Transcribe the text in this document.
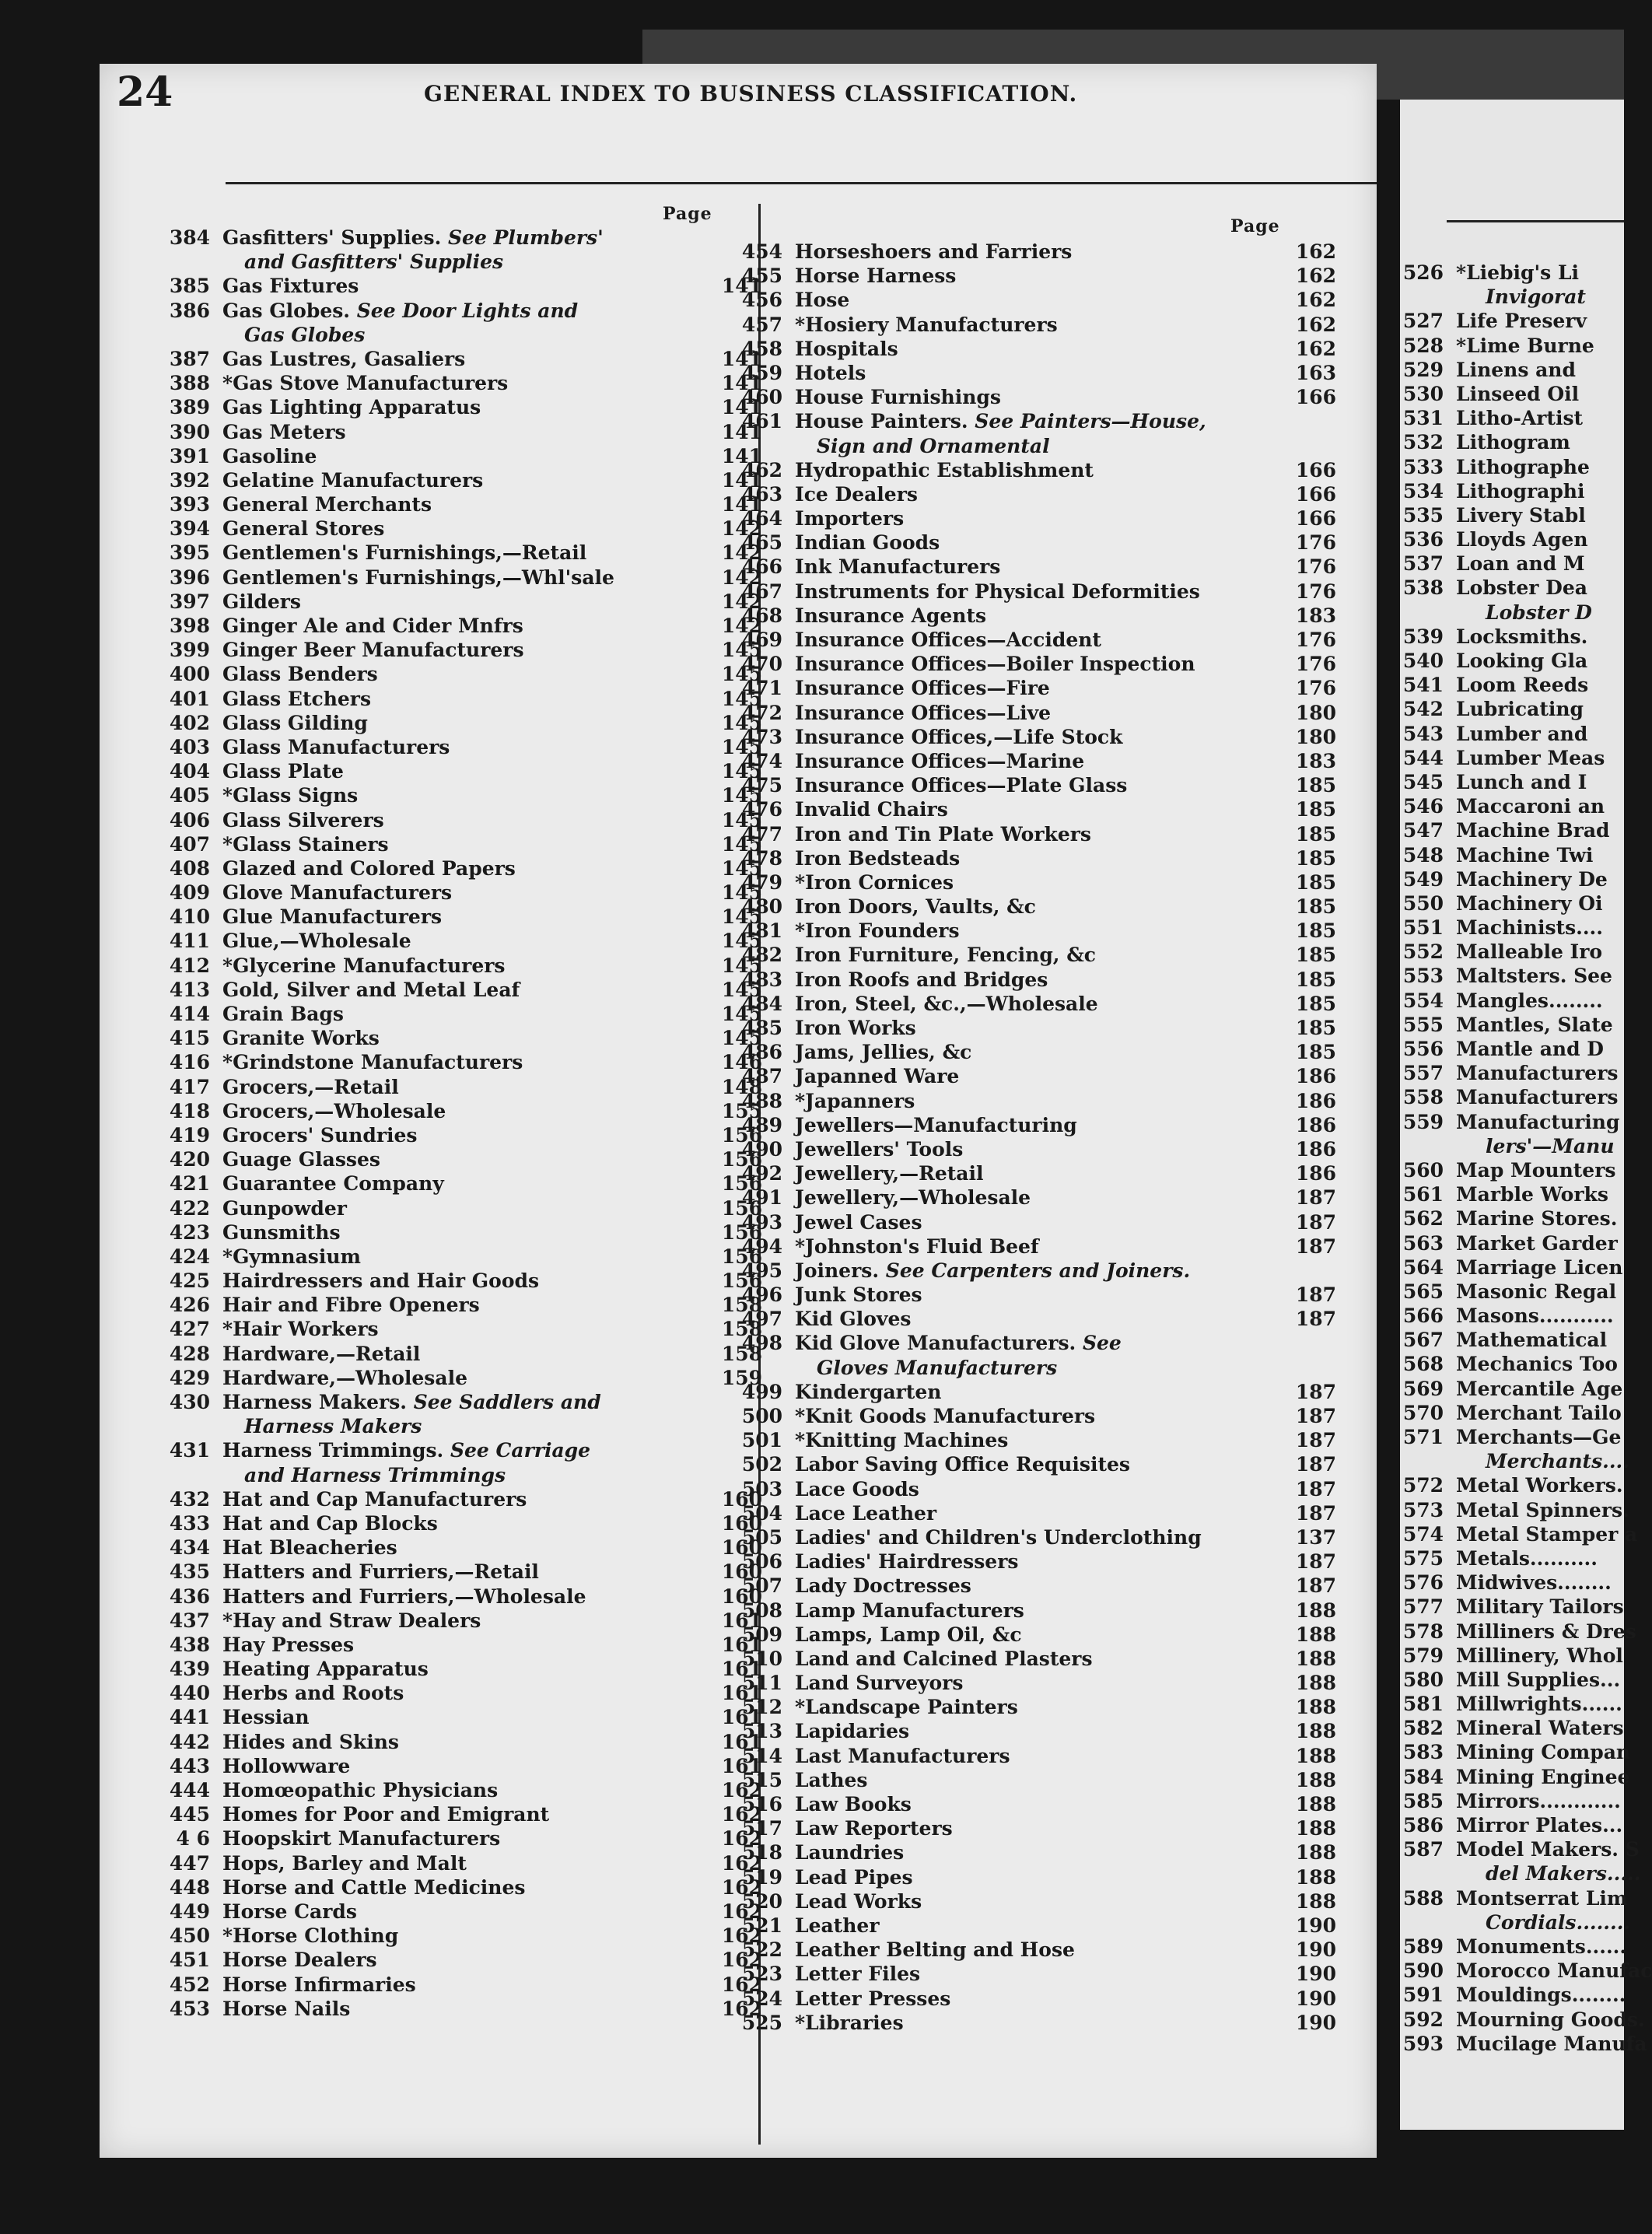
24	GENERAL INDEX TO BUSINESS CLASSIFICATION.
Page
Page
384 Gasfitters' Supplies. See Plumbers'
and Gasfitters' Supplies
385 Gas Fixtures	141
386 Gas Globes. See Door Lights and
Gas Globes
387 Gas Lustres, Gasaliers	141
388 *Gas Stove Manufacturers	141
389 Gas Lighting Apparatus	141
390 Gas Meters	141
391 Gasoline	141
392 Gelatine Manufacturers	141
393 General Merchants	141
394 General Stores	142
395 Gentlemen's Furnishings,—Retail	142
396 Gentlemen's Furnishings,—Whl'sale	142
397 Gilders	142
398 Ginger Ale and Cider Mnfrs	142
399 Ginger Beer Manufacturers	145
400 Glass Benders	145
401 Glass Etchers	145
402 Glass Gilding	145
403 Glass Manufacturers	145
404 Glass Plate	145
405 *Glass Signs	145
406 Glass Silverers	145
407 *Glass Stainers	145
408 Glazed and Colored Papers	145
409 Glove Manufacturers	145
410 Glue Manufacturers	145
411 Glue,—Wholesale	145
412 *Glycerine Manufacturers	145
413 Gold, Silver and Metal Leaf	145
414 Grain Bags	145
415 Granite Works	145
416 *Grindstone Manufacturers	146
417 Grocers,—Retail	148
418 Grocers,—Wholesale	155
419 Grocers' Sundries	156
420 Guage Glasses	156
421 Guarantee Company	156
422 Gunpowder	156
423 Gunsmiths	156
424 *Gymnasium	156
425 Hairdressers and Hair Goods	156
426 Hair and Fibre Openers	158
427 *Hair Workers	158
428 Hardware,—Retail	158
429 Hardware,—Wholesale	159
430 Harness Makers. See Saddlers and
Harness Makers
431 Harness Trimmings. See Carriage
and Harness Trimmings
432 Hat and Cap Manufacturers	160
433 Hat and Cap Blocks	160
434 Hat Bleacheries	160
435 Hatters and Furriers,—Retail	160
436 Hatters and Furriers,—Wholesale	160
437 *Hay and Straw Dealers	161
438 Hay Presses	161
439 Heating Apparatus	161
440 Herbs and Roots	161
441 Hessian	161
442 Hides and Skins	161
443 Hollowware	161
444 Homœopathic Physicians	162
445 Homes for Poor and Emigrant	162
4 6 Hoopskirt Manufacturers	162
447 Hops, Barley and Malt	162
448 Horse and Cattle Medicines	162
449 Horse Cards	162
450 *Horse Clothing	162
451 Horse Dealers	162
452 Horse Infirmaries	162
453 Horse Nails	162
454 Horseshoers and Farriers	162
455 Horse Harness	162
456 Hose	162
457 *Hosiery Manufacturers	162
458 Hospitals	162
459 Hotels	163
460 House Furnishings	166
461 House Painters. See Painters—House,
Sign and Ornamental
462 Hydropathic Establishment	166
463 Ice Dealers	166
464 Importers	166
465 Indian Goods	176
466 Ink Manufacturers	176
467 Instruments for Physical Deformities	176
468 Insurance Agents	183
469 Insurance Offices—Accident	176
470 Insurance Offices—Boiler Inspection	176
471 Insurance Offices—Fire	176
472 Insurance Offices—Live	180
473 Insurance Offices,—Life Stock	180
474 Insurance Offices—Marine	183
475 Insurance Offices—Plate Glass	185
476 Invalid Chairs	185
477 Iron and Tin Plate Workers	185
478 Iron Bedsteads	185
479 *Iron Cornices	185
480 Iron Doors, Vaults, &c	185
481 *Iron Founders	185
482 Iron Furniture, Fencing, &c	185
483 Iron Roofs and Bridges	185
484 Iron, Steel, &c.,—Wholesale	185
485 Iron Works	185
486 Jams, Jellies, &c	185
487 Japanned Ware	186
488 *Japanners	186
489 Jewellers—Manufacturing	186
490 Jewellers' Tools	186
492 Jewellery,—Retail	186
491 Jewellery,—Wholesale	187
493 Jewel Cases	187
494 *Johnston's Fluid Beef	187
495 Joiners. See Carpenters and Joiners.
496 Junk Stores	187
497 Kid Gloves	187
498 Kid Glove Manufacturers. See
Gloves Manufacturers
499 Kindergarten	187
500 *Knit Goods Manufacturers	187
501 *Knitting Machines	187
502 Labor Saving Office Requisites	187
503 Lace Goods	187
504 Lace Leather	187
505 Ladies' and Children's Underclothing	137
506 Ladies' Hairdressers	187
507 Lady Doctresses	187
508 Lamp Manufacturers	188
509 Lamps, Lamp Oil, &c	188
510 Land and Calcined Plasters	188
511 Land Surveyors	188
512 *Landscape Painters	188
513 Lapidaries	188
514 Last Manufacturers	188
515 Lathes	188
516 Law Books	188
517 Law Reporters	188
518 Laundries	188
519 Lead Pipes	188
520 Lead Works	188
521 Leather	190
522 Leather Belting and Hose	190
523 Letter Files	190
524 Letter Presses	190
525 *Libraries	190
526 *Liebig's Li
Invigorat
527 Life Preserv
528 *Lime Burne
529 Linens and
530 Linseed Oil
531 Litho-Artist
532 Lithogram
533 Lithographe
534 Lithographi
535 Livery Stabl
536 Lloyds Agen
537 Loan and M
538 Lobster Dea
Lobster D
539 Locksmiths.
540 Looking Gla
541 Loom Reeds
542 Lubricating
543 Lumber and
544 Lumber Meas
545 Lunch and I
546 Maccaroni an
547 Machine Brad
548 Machine Twi
549 Machinery De
550 Machinery Oi
551 Machinists....
552 Malleable Iro
553 Maltsters. See
554 Mangles........
555 Mantles, Slate
556 Mantle and D
557 Manufacturers
558 Manufacturers
559 Manufacturing
lers'—Manu
560 Map Mounters
561 Marble Works
562 Marine Stores.
563 Market Garder
564 Marriage Licen
565 Masonic Regal
566 Masons...........
567 Mathematical
568 Mechanics Too
569 Mercantile Age
570 Merchant Tailo
571 Merchants—Ge
Merchants....
572 Metal Workers.
573 Metal Spinners.
574 Metal Stamper a
575 Metals..........
576 Midwives........
577 Military Tailors
578 Milliners & Dres
579 Millinery, Whol
580 Mill Supplies...
581 Millwrights......
582 Mineral Waters
583 Mining Compan
584 Mining Enginee
585 Mirrors............
586 Mirror Plates...
587 Model Makers. S
del Makers.....
588 Montserrat Lim
Cordials........
589 Monuments......
590 Morocco Manufac
591 Mouldings........
592 Mourning Goods.
593 Mucilage Manufa
